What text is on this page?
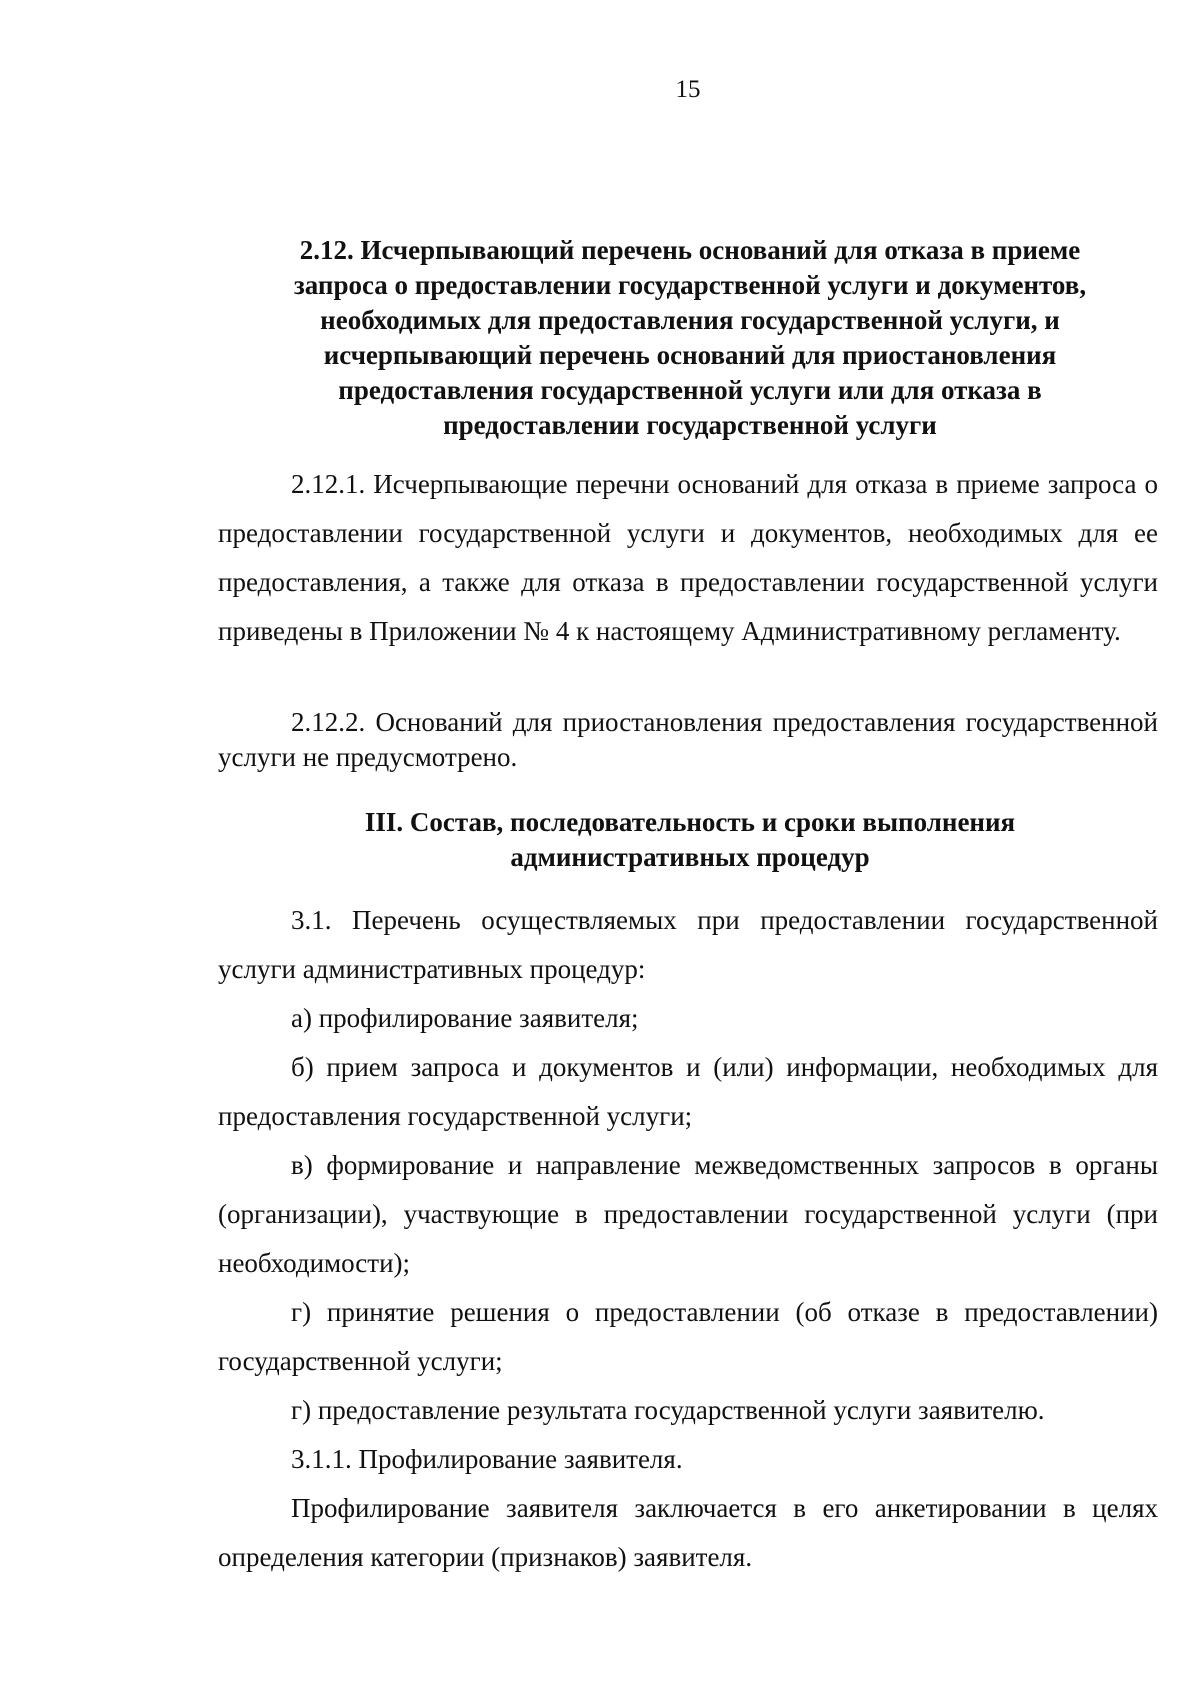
15
2.12. Исчерпывающий перечень оснований для отказа в приеме
запроса о предоставлении государственной услуги и документов,
необходимых для предоставления государственной услуги, и
исчерпывающий перечень оснований для приостановления
предоставления государственной услуги или для отказа в
предоставлении государственной услуги

2.12.1. Исчерпывающие перечни оснований для отказа в приеме запроса о предоставлении государственной услуги и документов, необходимых для ее предоставления, а также для отказа в предоставлении государственной услуги приведены в Приложении № 4 к настоящему Административному регламенту.

2.12.2. Оснований для приостановления предоставления государственной услуги не предусмотрено.

III. Состав, последовательность и сроки выполнения
административных процедур

3.1. Перечень осуществляемых при предоставлении государственной услуги административных процедур:

а) профилирование заявителя;

б) прием запроса и документов и (или) информации, необходимых для предоставления государственной услуги;

в) формирование и направление межведомственных запросов в органы (организации), участвующие в предоставлении государственной услуги (при необходимости);

г) принятие решения о предоставлении (об отказе в предоставлении) государственной услуги;

г) предоставление результата государственной услуги заявителю.

3.1.1. Профилирование заявителя.

Профилирование заявителя заключается в его анкетировании в целях определения категории (признаков) заявителя.
